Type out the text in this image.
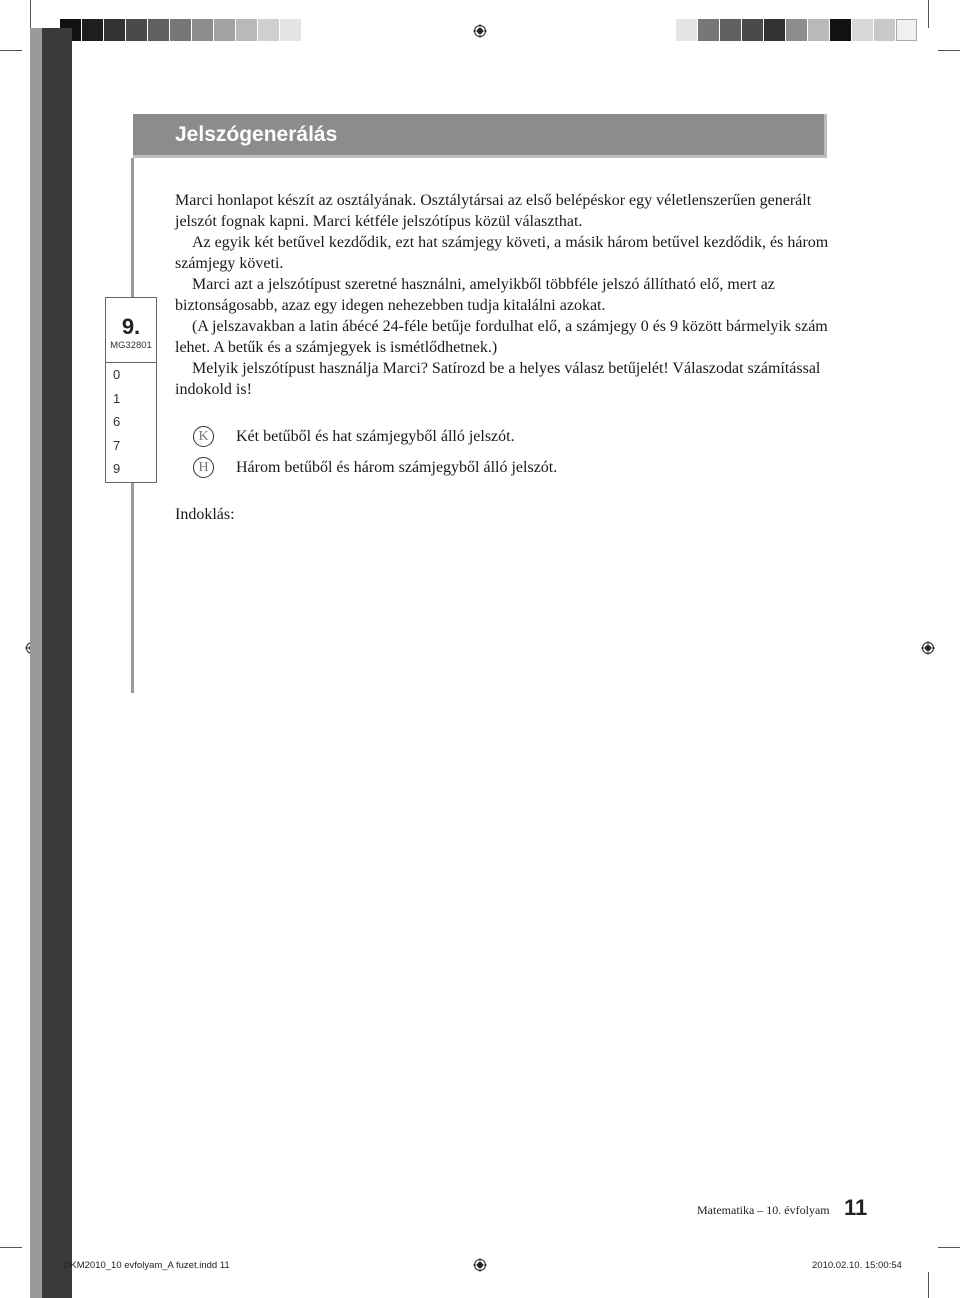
Jelszógenerálás
9.
MG32801
0
1
6
7
9

Marci honlapot készít az osztályának. Osztálytársai az első belépéskor egy véletlenszerűen generált jelszót fognak kapni. Marci kétféle jelszótípus közül választhat.

Az egyik két betűvel kezdődik, ezt hat számjegy követi, a másik három betűvel kezdődik, és három számjegy követi.

Marci azt a jelszótípust szeretné használni, amelyikből többféle jelszó állítható elő, mert az biztonságosabb, azaz egy idegen nehezebben tudja kitalálni azokat.

(A jelszavakban a latin ábécé 24-féle betűje fordulhat elő, a számjegy 0 és 9 között bármelyik szám lehet. A betűk és a számjegyek is ismétlődhetnek.)

Melyik jelszótípust használja Marci? Satírozd be a helyes válasz betűjelét! Válaszodat számítással indokold is!

K	Két betűből és hat számjegyből álló jelszót.
H	Három betűből és három számjegyből álló jelszót.
Indoklás:
Matematika – 10. évfolyam 11
OKM2010_10 evfolyam_A fuzet.indd 11	2010.02.10. 15:00:54
